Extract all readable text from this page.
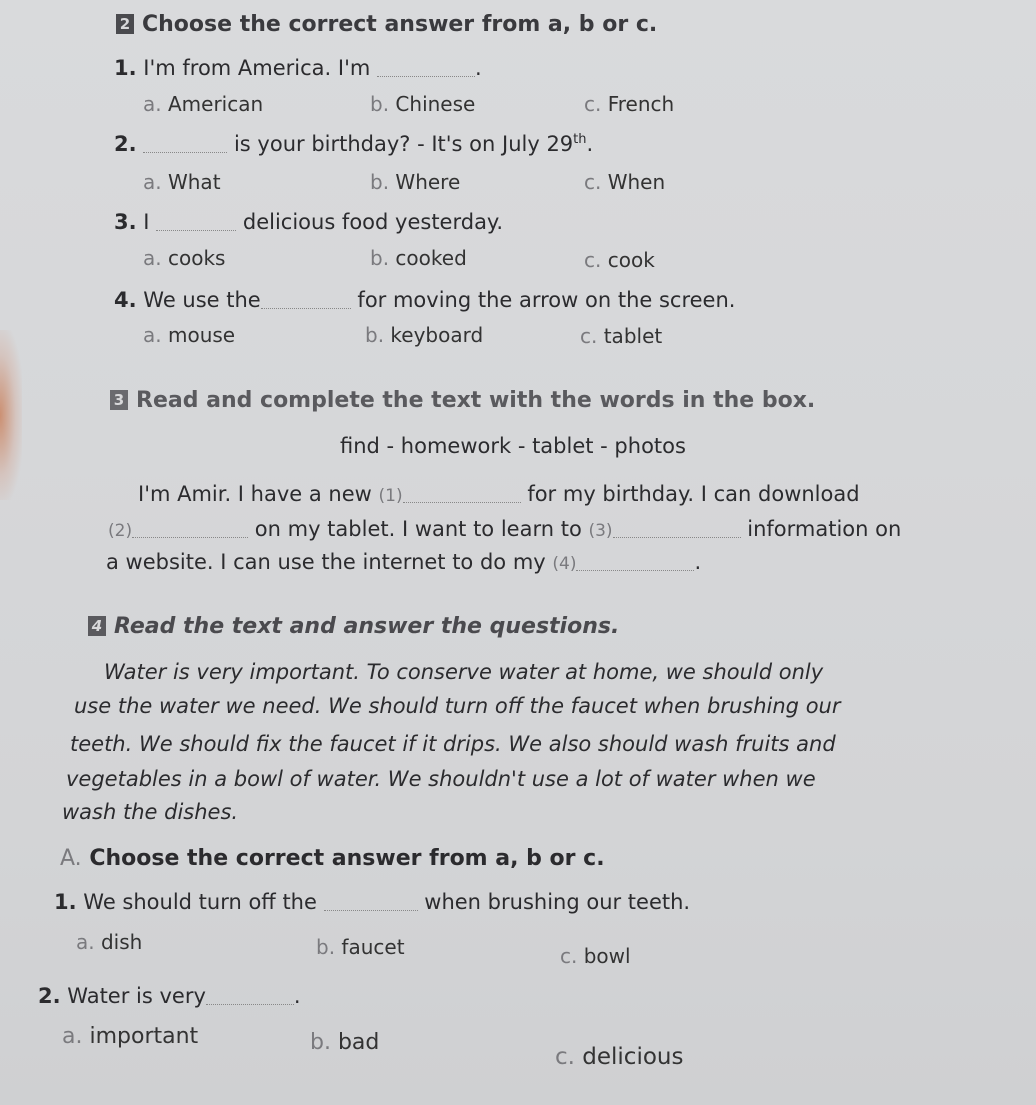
2 Choose the correct answer from a, b or c.
1. I'm from America. I'm	.
a. American	b. Chinese	c. French
2.	is your birthday? - It's on July 29th.
a. What	b. Where	c. When
3. I	delicious food yesterday.
a. cooks	b. cooked	c. cook
4. We use the	for moving the arrow on the screen.
a. mouse	b. keyboard	c. tablet
3 Read and complete the text with the words in the box.
find - homework - tablet - photos
I'm Amir. I have a new (1)	for my birthday. I can download
(2)	on my tablet. I want to learn to (3)	information on
a website. I can use the internet to do my (4)	.
4 Read the text and answer the questions.
Water is very important. To conserve water at home, we should only
use the water we need. We should turn off the faucet when brushing our
teeth. We should fix the faucet if it drips. We also should wash fruits and
vegetables in a bowl of water. We shouldn't use a lot of water when we
wash the dishes.
A. Choose the correct answer from a, b or c.
1. We should turn off the	when brushing our teeth.
a. dish	b. faucet	c. bowl
2. Water is very	.
a. important	b. bad
c. delicious
